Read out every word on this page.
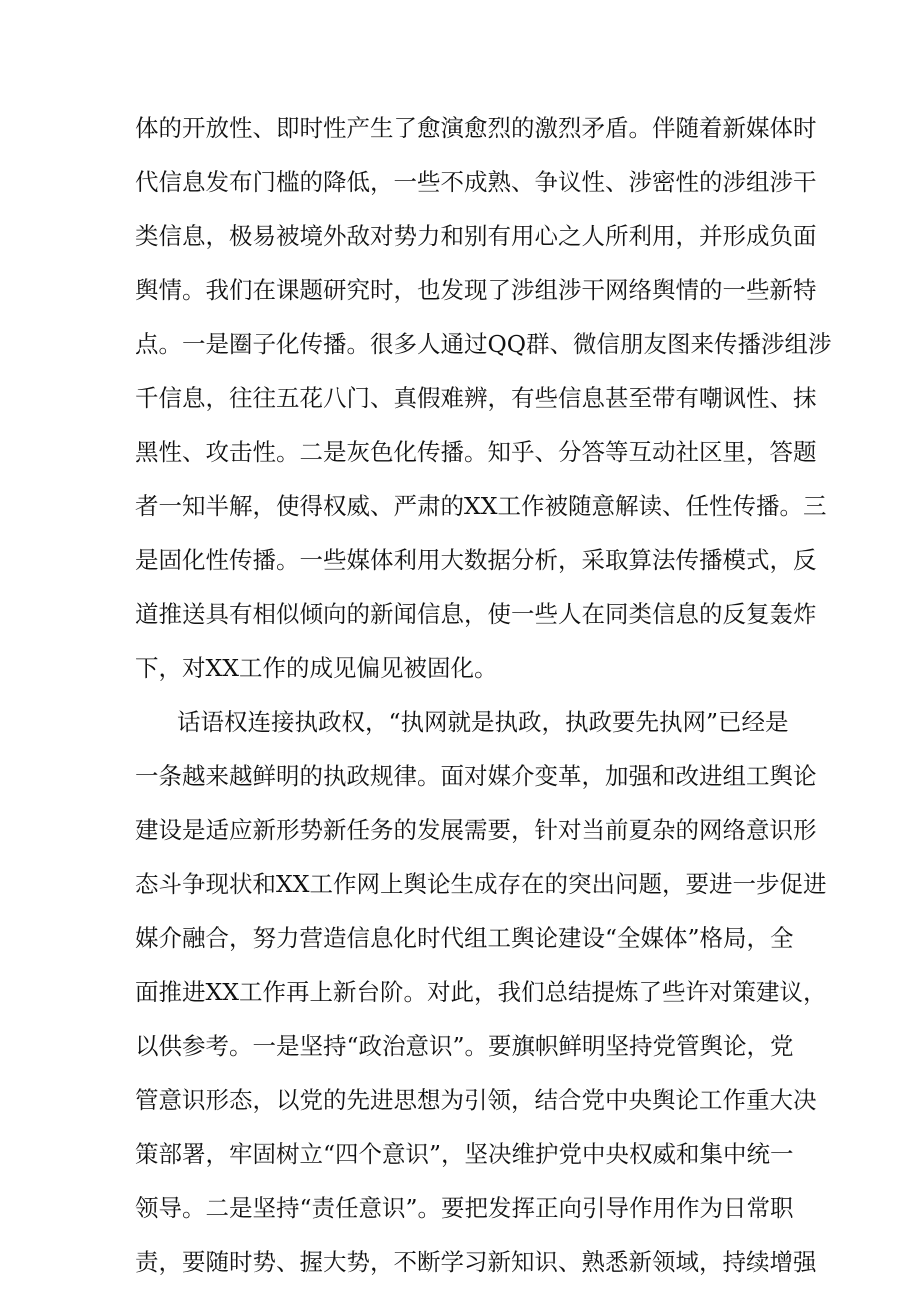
体的开放性、即时性产生了愈演愈烈的激烈矛盾。伴随着新媒体时
代信息发布门槛的降低，一些不成熟、争议性、涉密性的涉组涉干
类信息，极易被境外敌对势力和别有用心之人所利用，并形成负面
舆情。我们在课题研究时，也发现了涉组涉干网络舆情的一些新特
点。一是圈子化传播。很多人通过QQ群、微信朋友图来传播涉组涉
千信息，往往五花八门、真假难辨，有些信息甚至带有嘲讽性、抹
黑性、攻击性。二是灰色化传播。知乎、分答等互动社区里，答题
者一知半解，使得权威、严肃的XX工作被随意解读、任性传播。三
是固化性传播。一些媒体利用大数据分析，采取算法传播模式，反
道推送具有相似倾向的新闻信息，使一些人在同类信息的反复轰炸
下，对XX工作的成见偏见被固化。
话语权连接执政权，“执网就是执政，执政要先执网”已经是
一条越来越鲜明的执政规律。面对媒介变革，加强和改进组工舆论
建设是适应新形势新任务的发展需要，针对当前夏杂的网络意识形
态斗争现状和XX工作网上舆论生成存在的突出问题，要进一步促进
媒介融合，努力营造信息化时代组工舆论建设“全媒体”格局，全
面推进XX工作再上新台阶。对此，我们总结提炼了些许对策建议，
以供参考。一是坚持“政治意识”。要旗帜鲜明坚持党管舆论，党
管意识形态，以党的先进思想为引领，结合党中央舆论工作重大决
策部署，牢固树立“四个意识”，坚决维护党中央权威和集中统一
领导。二是坚持“责任意识”。要把发挥正向引导作用作为日常职
责，要随时势、握大势，不断学习新知识、熟悉新领域，持续增强
